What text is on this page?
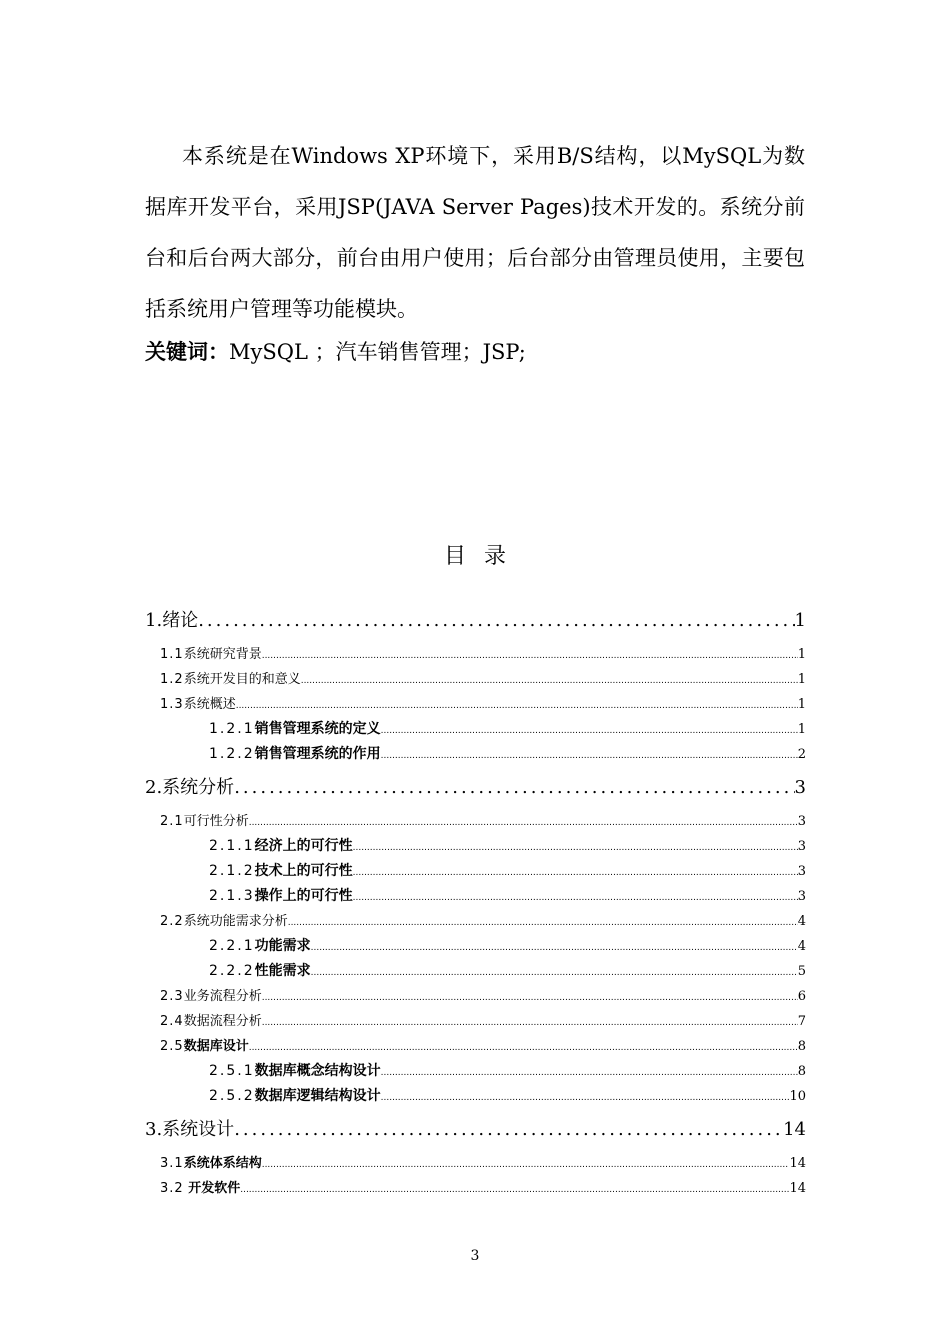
本系统是在Windows XP环境下，采用B/S结构，以MySQL为数据库开发平台，采用JSP(JAVA Server Pages)技术开发的。系统分前台和后台两大部分，前台由用户使用；后台部分由管理员使用，主要包括系统用户管理等功能模块。

关键词：MySQL ；汽车销售管理；JSP;

目录
1.绪论 .....	1
1.1系统研究背景 .....	1
1.2系统开发目的和意义 .....	1
1.3系统概述 .....	1
1.2.1销售管理系统的定义 .....	1
1.2.2销售管理系统的作用 .....	2
2.系统分析 .....	3
2.1可行性分析 .....	3
2.1.1经济上的可行性 .....	3
2.1.2技术上的可行性 .....	3
2.1.3操作上的可行性 .....	3
2.2系统功能需求分析 .....	4
2.2.1功能需求 .....	4
2.2.2性能需求 .....	5
2.3业务流程分析 .....	6
2.4数据流程分析 .....	7
2.5数据库设计 .....	8
2.5.1数据库概念结构设计 .....	8
2.5.2数据库逻辑结构设计 .....	10
3.系统设计 .....	14
3.1系统体系结构 .....	14
3.2 开发软件 .....	14

3
